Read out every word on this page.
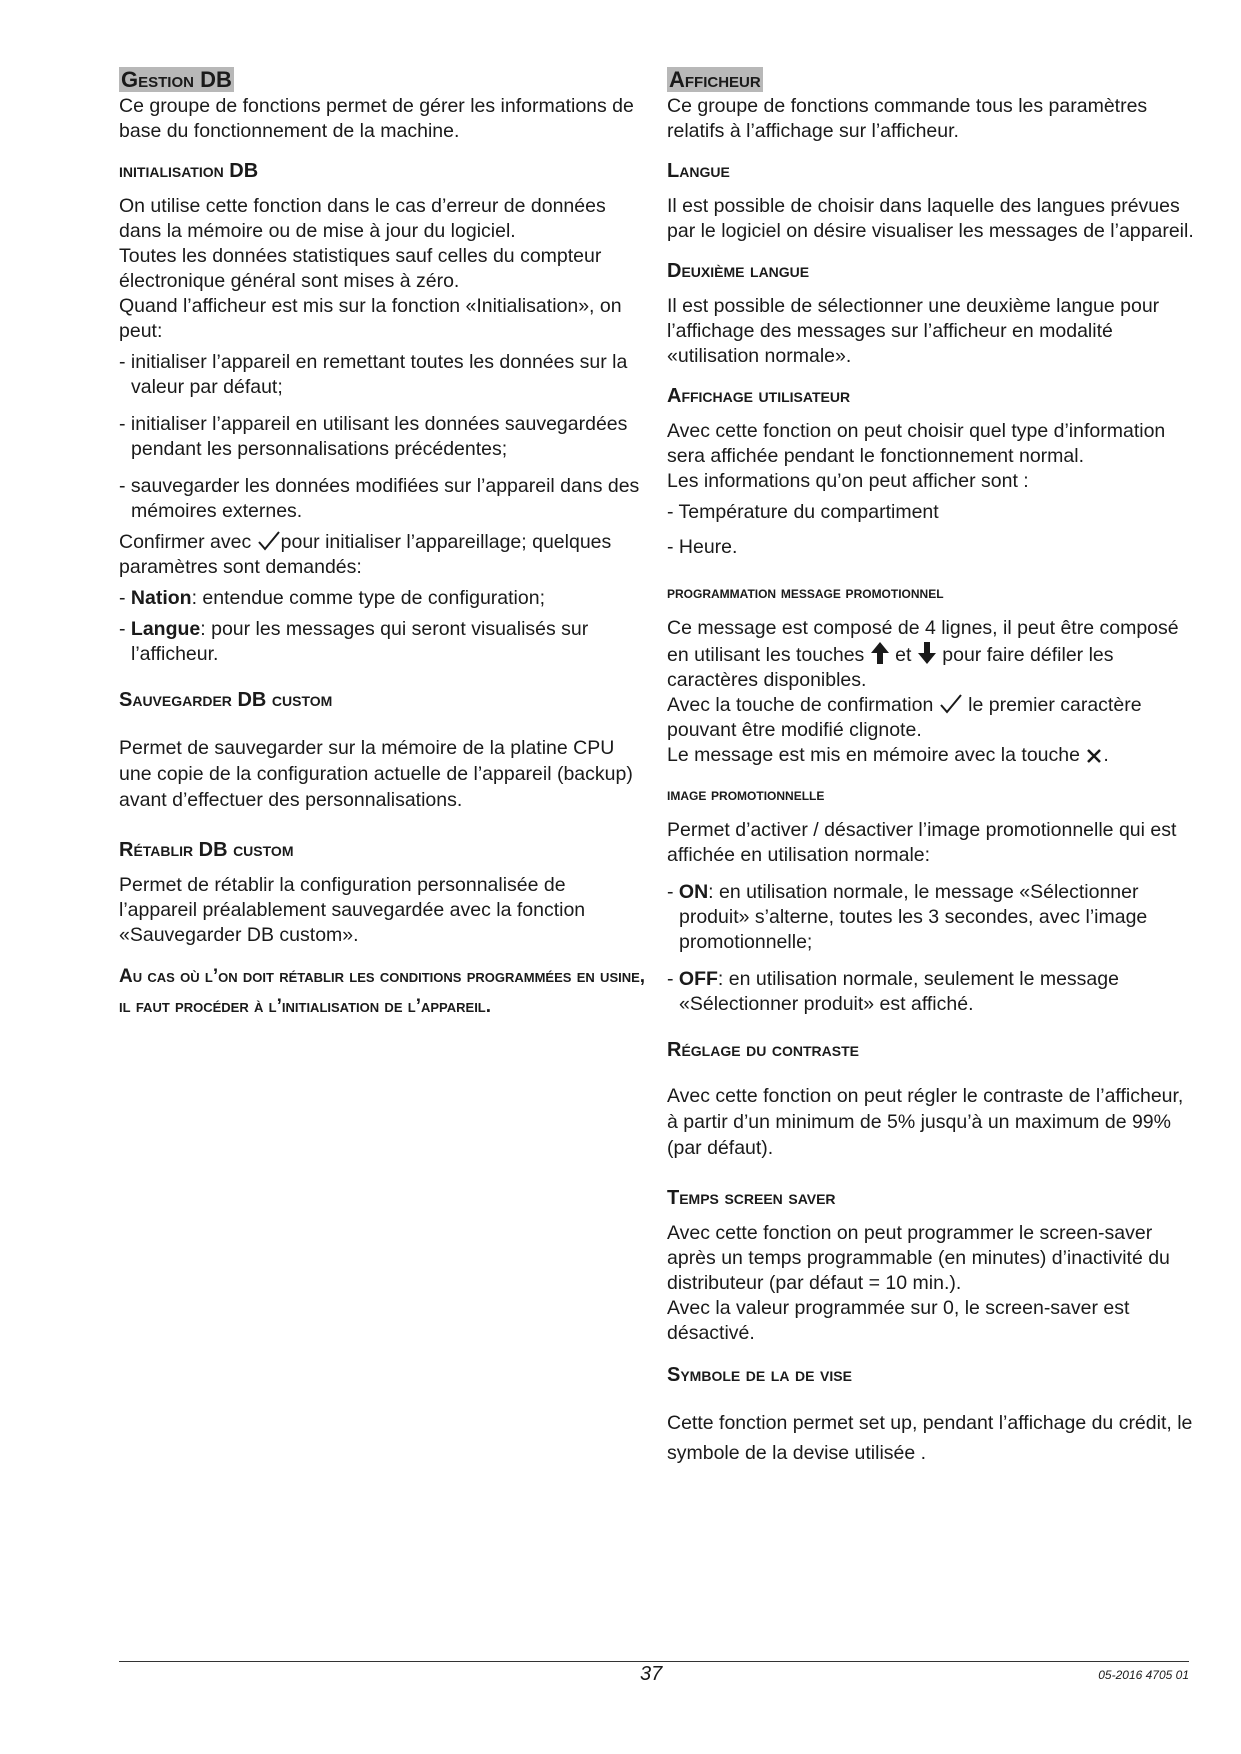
Gestion DB

Ce groupe de fonctions permet de gérer les informations de base du fonctionnement de la machine.

initialisation DB

On utilise cette fonction dans le cas d’erreur de données dans la mémoire ou de mise à jour du logiciel.

Toutes les données statistiques sauf celles du compteur électronique général sont mises à zéro.

Quand l’afficheur est mis sur la fonction «Initialisation», on peut:

- initialiser l’appareil en remettant toutes les données sur la valeur par défaut;
- initialiser l’appareil en utilisant les données sauvegardées pendant les personnalisations précédentes;
- sauvegarder les données modifiées sur l’appareil dans des mémoires externes.

Confirmer avec pour initialiser l’appareillage; quelques paramètres sont demandés:

- Nation: entendue comme type de configuration;
- Langue: pour les messages qui seront visualisés sur l’afficheur.
Sauvegarder DB custom

Permet de sauvegarder sur la mémoire de la platine CPU une copie de la configuration actuelle de l’appareil (backup) avant d’effectuer des personnalisations.

Rétablir DB custom

Permet de rétablir la configuration personnalisée de l’appareil préalablement sauvegardée avec la fonction «Sauvegarder DB custom».

Au cas où l’on doit rétablir les conditions programmées en usine, il faut procéder à l’initialisation de l’appareil.
Afficheur

Ce groupe de fonctions commande tous les paramètres relatifs à l’affichage sur l’afficheur.

Langue

Il est possible de choisir dans laquelle des langues prévues par le logiciel on désire visualiser les messages de l’appareil.

Deuxième langue

Il est possible de sélectionner une deuxième langue pour l’affichage des messages sur l’afficheur en modalité «utilisation normale».

Affichage utilisateur

Avec cette fonction on peut choisir quel type d’information sera affichée pendant le fonctionnement normal.

Les informations qu’on peut afficher sont :

- Température du compartiment
- Heure.
programmation message promotionnel

Ce message est composé de 4 lignes, il peut être composé en utilisant les touches et pour faire défiler les caractères disponibles.

Avec la touche de confirmation le premier caractère pouvant être modifié clignote.

Le message est mis en mémoire avec la touche .

image promotionnelle

Permet d’activer / désactiver l’image promotionnelle qui est affichée en utilisation normale:

- ON: en utilisation normale, le message «Sélectionner produit» s’alterne, toutes les 3 secondes, avec l’image promotionnelle;
- OFF: en utilisation normale, seulement le message «Sélectionner produit» est affiché.
Réglage du contraste

Avec cette fonction on peut régler le contraste de l’afficheur, à partir d’un minimum de 5% jusqu’à un maximum de 99% (par défaut).

Temps screen saver

Avec cette fonction on peut programmer le screen-saver après un temps programmable (en minutes) d’inactivité du distributeur (par défaut = 10 min.).

Avec la valeur programmée sur 0, le screen-saver est désactivé.

Symbole de la de vise

Cette fonction permet set up, pendant l’affichage du crédit, le symbole de la devise utilisée .

37	05-2016 4705 01
